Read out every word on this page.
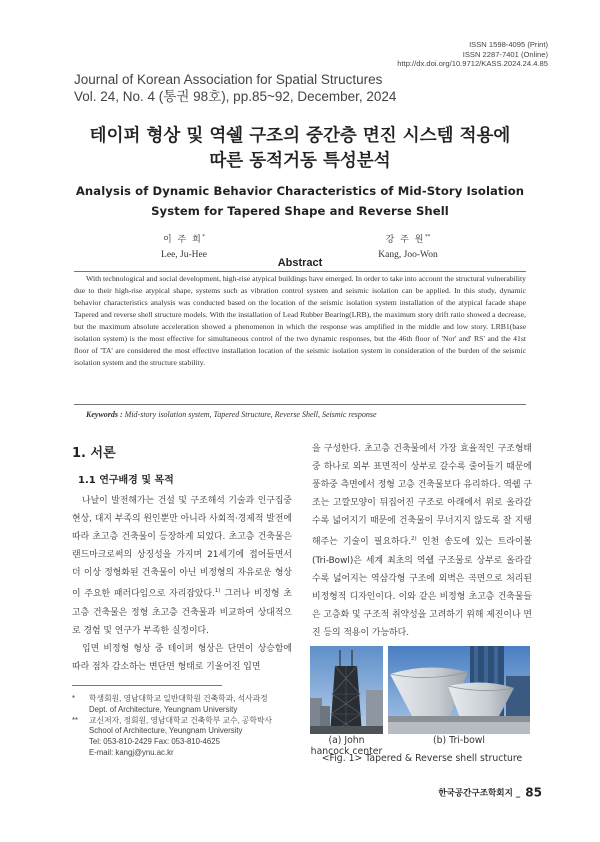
ISSN 1598-4095 (Print)
ISSN 2287-7401 (Online)
http://dx.doi.org/10.9712/KASS.2024.24.4.85
Journal of Korean Association for Spatial Structures
Vol. 24, No. 4 (통권 98호), pp.85~92, December, 2024
테이퍼 형상 및 역쉘 구조의 중간층 면진 시스템 적용에
따른 동적거동 특성분석
Analysis of Dynamic Behavior Characteristics of Mid-Story Isolation
System for Tapered Shape and Reverse Shell
이 주 희*
Lee, Ju-Hee
강 주 원**
Kang, Joo-Won
Abstract
With technological and social development, high-rise atypical buildings have emerged. In order to take into account the structural vulnerability due to their high-rise atypical shape, systems such as vibration control system and seismic isolation can be applied. In this study, dynamic behavior characteristics analysis was conducted based on the location of the seismic isolation system installation of the atypical facade shape Tapered and reverse shell structure models. With the installation of Lead Rubber Bearing(LRB), the maximum story drift ratio showed a decrease, but the maximum absolute acceleration showed a phenomenon in which the response was amplified in the middle and low story. LRB1(base isolation system) is the most effective for simultaneous control of the two dynamic responses, but the 46th floor of 'Nor' and' RS' and the 41st floor of 'TA' are considered the most effective installation location of the seismic isolation system in consideration of the burden of the seismic isolation system and the structure stability.
Keywords : Mid-story isolation system, Tapered Structure, Reverse Shell, Seismic response
1. 서론
1.1 연구배경 및 목적

나날이 발전해가는 건설 및 구조해석 기술과 인구집중 현상, 대지 부족의 원인뿐만 아니라 사회적·경제적 발전에 따라 초고층 건축물이 등장하게 되었다. 초고층 건축물은 랜드마크로써의 상징성을 가지며 21세기에 접어들면서 더 이상 정형화된 건축물이 아닌 비정형의 자유로운 형상이 주요한 패러다임으로 자리잡았다.$^{1)}$ 그러나 비정형 초고층 건축물은 정형 초고층 건축물과 비교하여 상대적으로 경험 및 연구가 부족한 실정이다.

입면 비정형 형상 중 테이퍼 형상은 단면이 상승함에 따라 점차 감소하는 변단면 형태로 기울어진 입면

을 구성한다. 초고층 건축물에서 가장 효율적인 구조형태 중 하나로 외부 표면적이 상부로 갈수록 줄어들기 때문에 풍하중 측면에서 정형 고층 건축물보다 유리하다. 역쉘 구조는 고깔모양이 뒤집어진 구조로 아래에서 위로 올라갈수록 넓어지기 때문에 건축물이 무너지지 않도록 잘 지탱해주는 기술이 필요하다.$^{2)}$ 인천 송도에 있는 트라이볼(Tri-Bowl)은 세계 최초의 역쉘 구조물로 상부로 올라갈수록 넓어지는 역삼각형 구조에 외벽은 곡면으로 처리된 비정형적 디자인이다. 이와 같은 비정형 초고층 건축물들은 고층화 및 구조적 취약성을 고려하기 위해 제진이나 면진 등의 적용이 가능하다.

* 학생회원, 영남대학교 일반대학원 건축학과, 석사과정
Dept. of Architecture, Yeungnam University
** 교신저자, 정회원, 영남대학교 건축학부 교수, 공학박사
School of Architecture, Yeungnam University
Tel: 053-810-2429 Fax: 053-810-4625
E-mail: kangj@ynu.ac.kr
(a) John
hancock center
(b) Tri-bowl
<Fig. 1> Tapered & Reverse shell structure
한국공간구조학회지 _ 85
